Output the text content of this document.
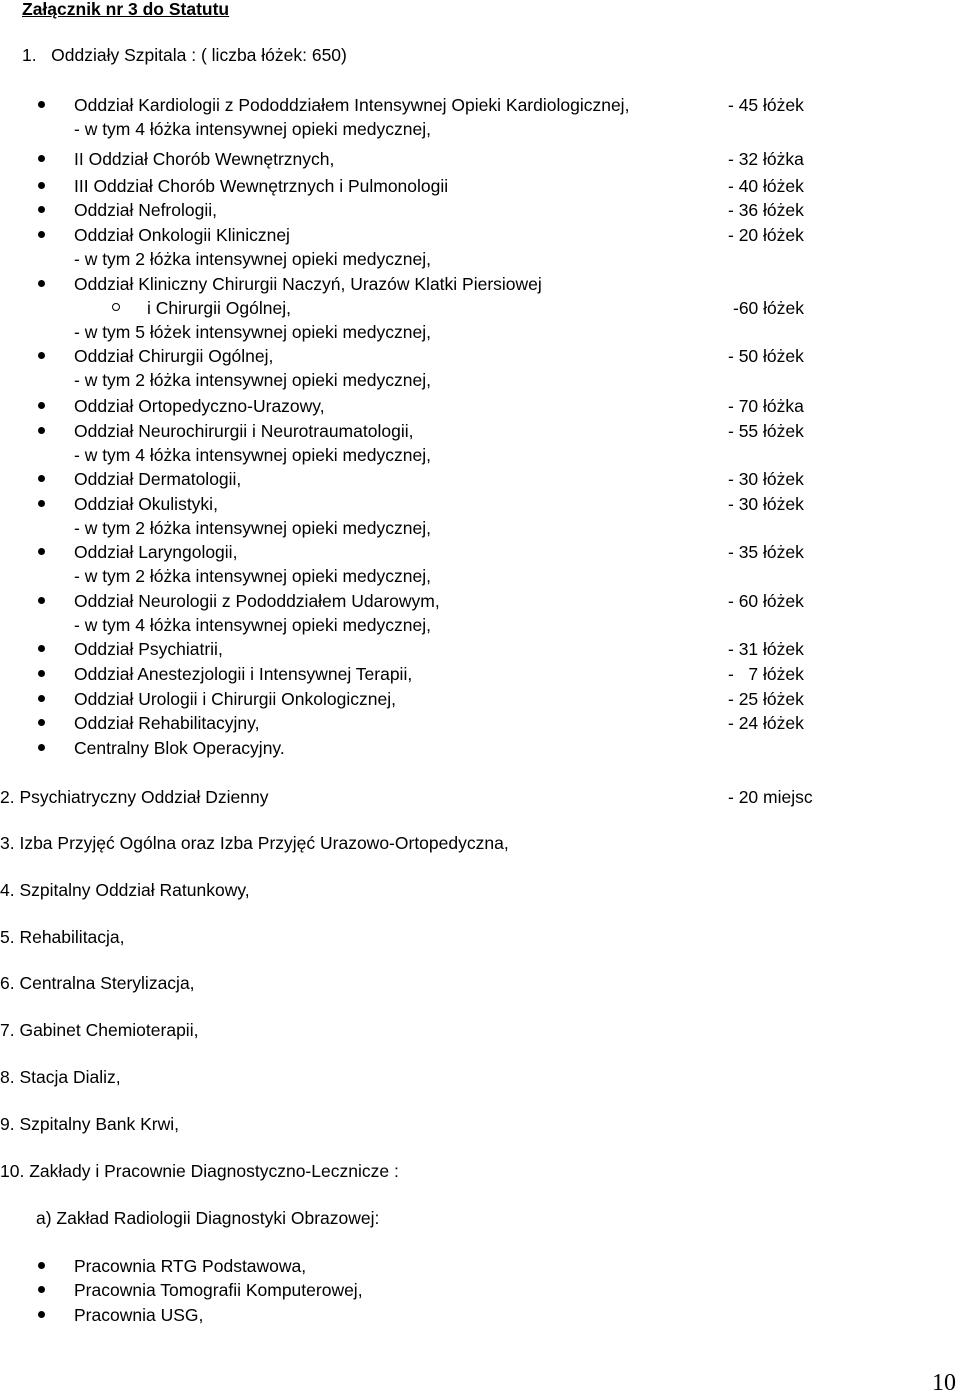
Załącznik nr 3 do Statutu
1.   Oddziały Szpitala : ( liczba łóżek: 650)
Oddział Kardiologii z Pododdziałem Intensywnej Opieki Kardiologicznej,	- 45 łóżek
- w tym 4 łóżka intensywnej opieki medycznej,
II Oddział Chorób Wewnętrznych,	- 32 łóżka
III Oddział Chorób Wewnętrznych i Pulmonologii	- 40 łóżek
Oddział Nefrologii,	- 36 łóżek
Oddział Onkologii Klinicznej	- 20 łóżek
- w tym 2 łóżka intensywnej opieki medycznej,
Oddział Kliniczny Chirurgii Naczyń, Urazów Klatki Piersiowej
i Chirurgii Ogólnej,	-60 łóżek
- w tym 5 łóżek intensywnej opieki medycznej,
Oddział Chirurgii Ogólnej,	- 50 łóżek
- w tym 2 łóżka intensywnej opieki medycznej,
Oddział Ortopedyczno-Urazowy,	- 70 łóżka
Oddział Neurochirurgii i Neurotraumatologii,	- 55 łóżek
- w tym 4 łóżka intensywnej opieki medycznej,
Oddział Dermatologii,	- 30 łóżek
Oddział Okulistyki,	- 30 łóżek
- w tym 2 łóżka intensywnej opieki medycznej,
Oddział Laryngologii,	- 35 łóżek
- w tym 2 łóżka intensywnej opieki medycznej,
Oddział Neurologii z Pododdziałem Udarowym,	- 60 łóżek
- w tym 4 łóżka intensywnej opieki medycznej,
Oddział Psychiatrii,	- 31 łóżek
Oddział Anestezjologii i Intensywnej Terapii,	-   7 łóżek
Oddział Urologii i Chirurgii Onkologicznej,	- 25 łóżek
Oddział Rehabilitacyjny,	- 24 łóżek
Centralny Blok Operacyjny.
2. Psychiatryczny Oddział Dzienny	- 20 miejsc
3. Izba Przyjęć Ogólna oraz Izba Przyjęć Urazowo-Ortopedyczna,
4. Szpitalny Oddział Ratunkowy,
5. Rehabilitacja,
6. Centralna Sterylizacja,
7. Gabinet Chemioterapii,
8. Stacja Dializ,
9. Szpitalny Bank Krwi,
10. Zakłady i Pracownie Diagnostyczno-Lecznicze :
a) Zakład Radiologii Diagnostyki Obrazowej:
Pracownia RTG Podstawowa,
Pracownia Tomografii Komputerowej,
Pracownia USG,
10
